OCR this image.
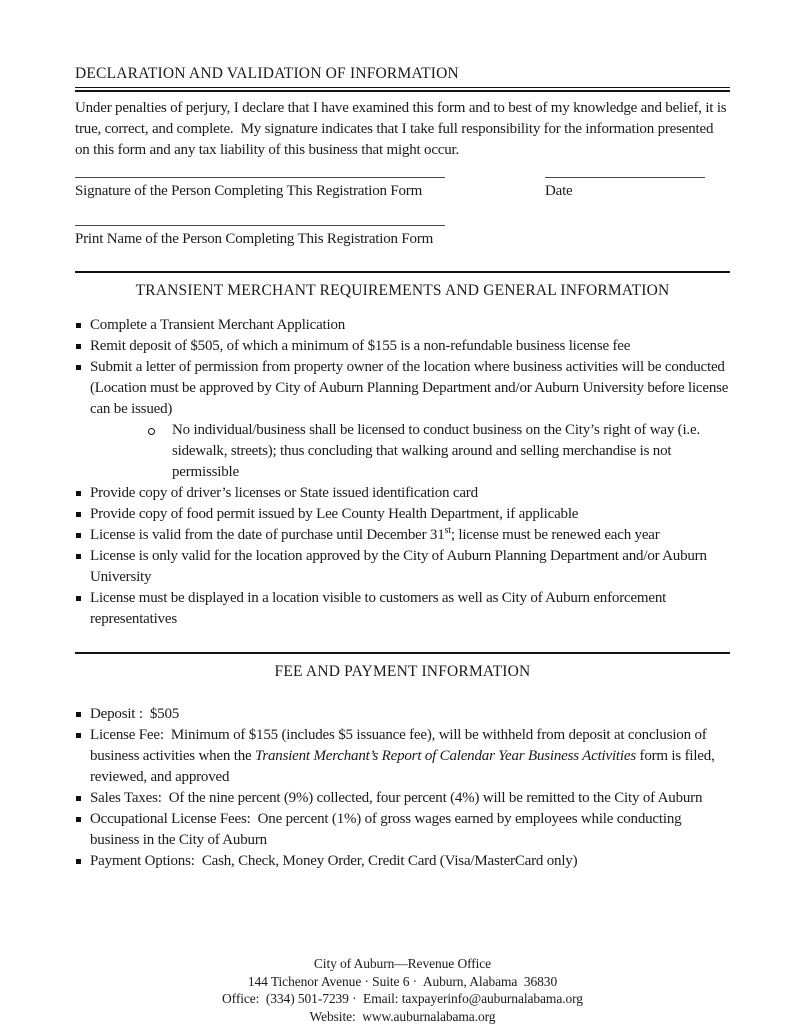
DECLARATION AND VALIDATION OF INFORMATION

Under penalties of perjury, I declare that I have examined this form and to best of my knowledge and belief, it is true, correct, and complete.  My signature indicates that I take full responsibility for the information presented on this form and any tax liability of this business that might occur.

Signature of the Person Completing This Registration Form	Date
Print Name of the Person Completing This Registration Form
TRANSIENT MERCHANT REQUIREMENTS AND GENERAL INFORMATION
Complete a Transient Merchant Application
Remit deposit of $505, of which a minimum of $155 is a non-refundable business license fee
Submit a letter of permission from property owner of the location where business activities will be conducted (Location must be approved by City of Auburn Planning Department and/or Auburn University before license can be issued)
No individual/business shall be licensed to conduct business on the City’s right of way (i.e. sidewalk, streets); thus concluding that walking around and selling merchandise is not permissible
Provide copy of driver’s licenses or State issued identification card
Provide copy of food permit issued by Lee County Health Department, if applicable
License is valid from the date of purchase until December 31st; license must be renewed each year
License is only valid for the location approved by the City of Auburn Planning Department and/or Auburn University
License must be displayed in a location visible to customers as well as City of Auburn enforcement representatives
FEE AND PAYMENT INFORMATION
Deposit :  $505
License Fee:  Minimum of $155 (includes $5 issuance fee), will be withheld from deposit at conclusion of business activities when the Transient Merchant’s Report of Calendar Year Business Activities form is filed, reviewed, and approved
Sales Taxes:  Of the nine percent (9%) collected, four percent (4%) will be remitted to the City of Auburn
Occupational License Fees:  One percent (1%) of gross wages earned by employees while conducting business in the City of Auburn
Payment Options:  Cash, Check, Money Order, Credit Card (Visa/MasterCard only)
City of Auburn—Revenue Office
144 Tichenor Avenue · Suite 6 ·  Auburn, Alabama  36830
Office:  (334) 501-7239 ·  Email: taxpayerinfo@auburnalabama.org
Website:  www.auburnalabama.org
